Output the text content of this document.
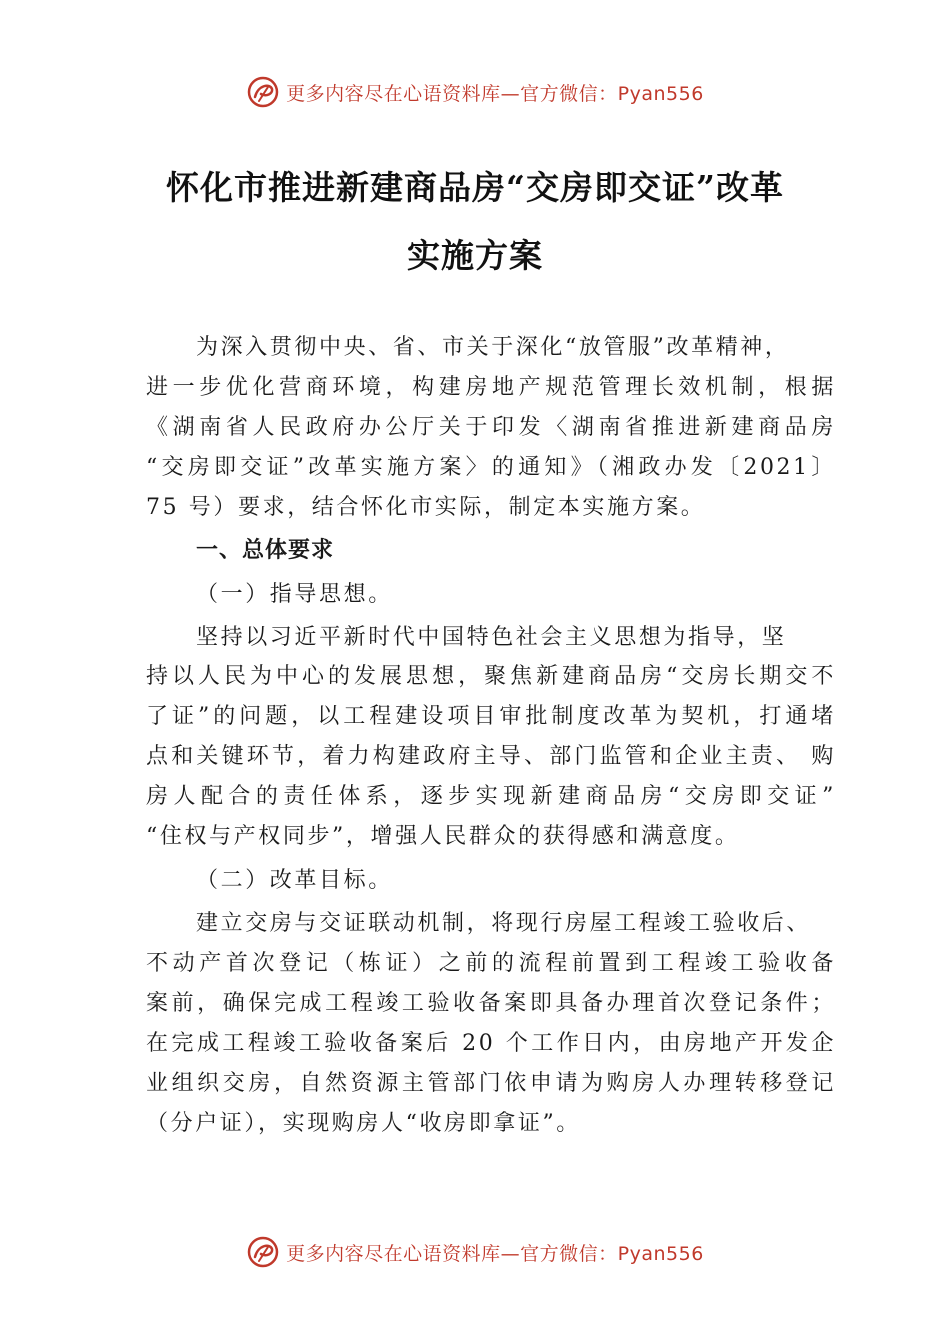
更多内容尽在心语资料库—官方微信：Pyan556
怀化市推进新建商品房“交房即交证”改革
实施方案
为深入贯彻中央、省、市关于深化“放管服”改革精神，
进一步优化营商环境，构建房地产规范管理长效机制，根据
《湖南省人民政府办公厅关于印发〈湖南省推进新建商品房
“交房即交证”改革实施方案〉的通知》（湘政办发〔2021〕
75 号）要求，结合怀化市实际，制定本实施方案。
一、总体要求
（一）指导思想。
坚持以习近平新时代中国特色社会主义思想为指导，坚
持以人民为中心的发展思想，聚焦新建商品房“交房长期交不
了证”的问题，以工程建设项目审批制度改革为契机，打通堵
点和关键环节，着力构建政府主导、部门监管和企业主责、 购
房人配合的责任体系，逐步实现新建商品房“交房即交证”
“住权与产权同步”，增强人民群众的获得感和满意度。
（二）改革目标。
建立交房与交证联动机制，将现行房屋工程竣工验收后、
不动产首次登记（栋证）之前的流程前置到工程竣工验收备
案前，确保完成工程竣工验收备案即具备办理首次登记条件；
在完成工程竣工验收备案后 20 个工作日内，由房地产开发企
业组织交房，自然资源主管部门依申请为购房人办理转移登记
（分户证），实现购房人“收房即拿证”。
更多内容尽在心语资料库—官方微信：Pyan556
